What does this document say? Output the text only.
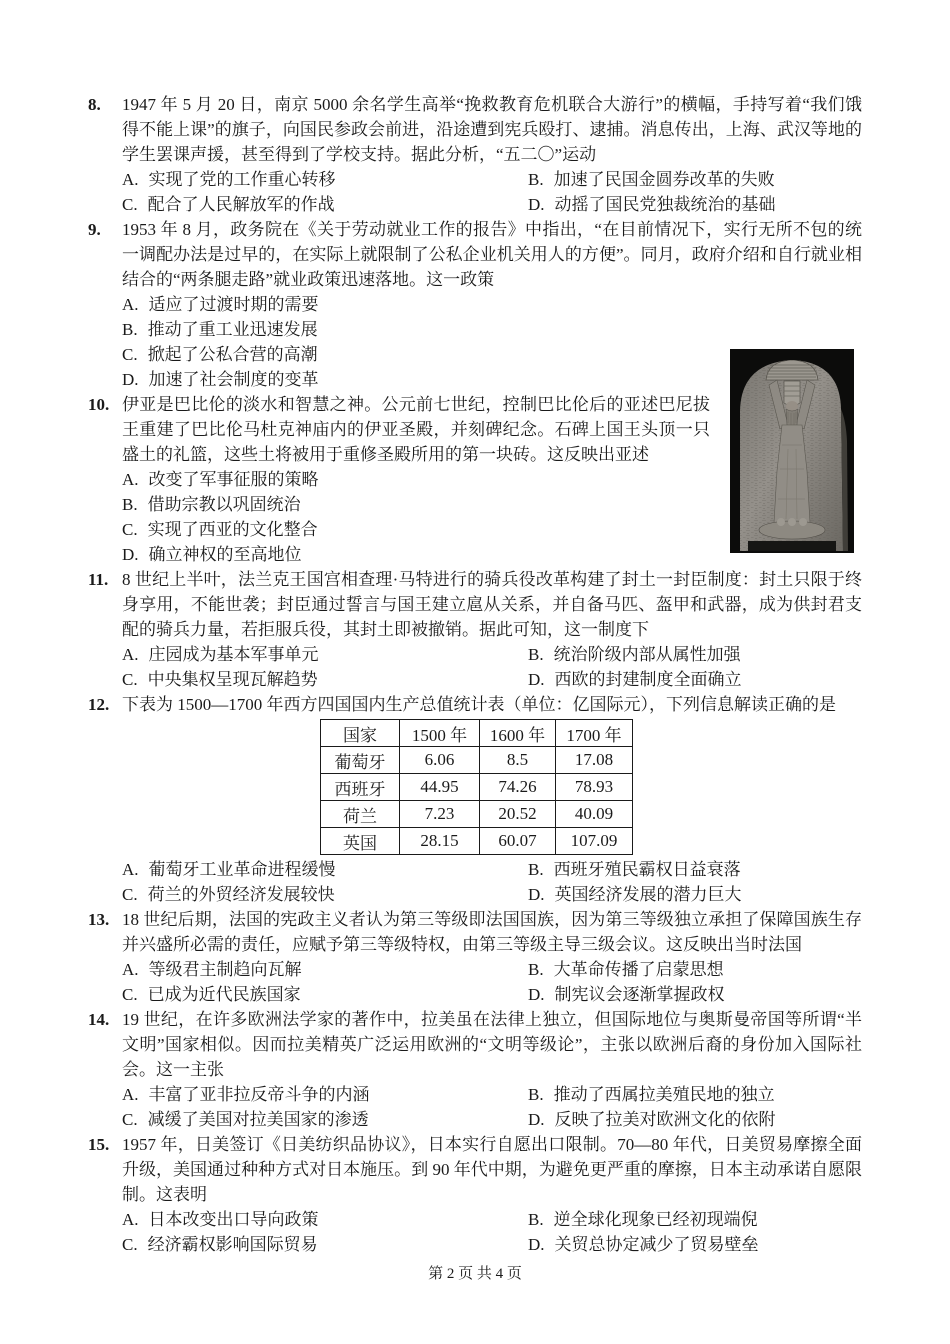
8.	1947 年 5 月 20 日，南京 5000 余名学生高举“挽救教育危机联合大游行”的横幅，手持写着“我们饿得不能上课”的旗子，向国民参政会前进，沿途遭到宪兵殴打、逮捕。消息传出，上海、武汉等地的学生罢课声援，甚至得到了学校支持。据此分析，“五二〇”运动

A. 实现了党的工作重心转移	B. 加速了民国金圆券改革的失败
C. 配合了人民解放军的作战	D. 动摇了国民党独裁统治的基础
9.	1953 年 8 月，政务院在《关于劳动就业工作的报告》中指出，“在目前情况下，实行无所不包的统一调配办法是过早的，在实际上就限制了公私企业机关用人的方便”。同月，政府介绍和自行就业相结合的“两条腿走路”就业政策迅速落地。这一政策

A. 适应了过渡时期的需要
B. 推动了重工业迅速发展
C. 掀起了公私合营的高潮
D. 加速了社会制度的变革
10. 伊亚是巴比伦的淡水和智慧之神。公元前七世纪，控制巴比伦后的亚述巴尼拔王重建了巴比伦马杜克神庙内的伊亚圣殿，并刻碑纪念。石碑上国王头顶一只盛土的礼篮，这些土将被用于重修圣殿所用的第一块砖。这反映出亚述

A. 改变了军事征服的策略
B. 借助宗教以巩固统治
C. 实现了西亚的文化整合
D. 确立神权的至高地位
11. 8 世纪上半叶，法兰克王国宫相查理·马特进行的骑兵役改革构建了封土一封臣制度：封土只限于终身享用，不能世袭；封臣通过誓言与国王建立扈从关系，并自备马匹、盔甲和武器，成为供封君支配的骑兵力量，若拒服兵役，其封土即被撤销。据此可知，这一制度下

A. 庄园成为基本军事单元	B. 统治阶级内部从属性加强
C. 中央集权呈现瓦解趋势	D. 西欧的封建制度全面确立
12. 下表为 1500—1700 年西方四国国内生产总值统计表（单位：亿国际元），下列信息解读正确的是

国家	1500 年	1600 年	1700 年
葡萄牙	6.06	8.5	17.08
西班牙	44.95	74.26	78.93
荷兰	7.23	20.52	40.09
英国	28.15	60.07	107.09
A. 葡萄牙工业革命进程缓慢	B. 西班牙殖民霸权日益衰落
C. 荷兰的外贸经济发展较快	D. 英国经济发展的潜力巨大
13. 18 世纪后期，法国的宪政主义者认为第三等级即法国国族，因为第三等级独立承担了保障国族生存并兴盛所必需的责任，应赋予第三等级特权，由第三等级主导三级会议。这反映出当时法国

A. 等级君主制趋向瓦解	B. 大革命传播了启蒙思想
C. 已成为近代民族国家	D. 制宪议会逐渐掌握政权
14. 19 世纪，在许多欧洲法学家的著作中，拉美虽在法律上独立，但国际地位与奥斯曼帝国等所谓“半文明”国家相似。因而拉美精英广泛运用欧洲的“文明等级论”，主张以欧洲后裔的身份加入国际社会。这一主张

A. 丰富了亚非拉反帝斗争的内涵	B. 推动了西属拉美殖民地的独立
C. 减缓了美国对拉美国家的渗透	D. 反映了拉美对欧洲文化的依附
15. 1957 年，日美签订《日美纺织品协议》，日本实行自愿出口限制。70—80 年代，日美贸易摩擦全面升级，美国通过种种方式对日本施压。到 90 年代中期，为避免更严重的摩擦，日本主动承诺自愿限制。这表明

A. 日本改变出口导向政策	B. 逆全球化现象已经初现端倪
C. 经济霸权影响国际贸易	D. 关贸总协定减少了贸易壁垒
第 2 页 共 4 页
